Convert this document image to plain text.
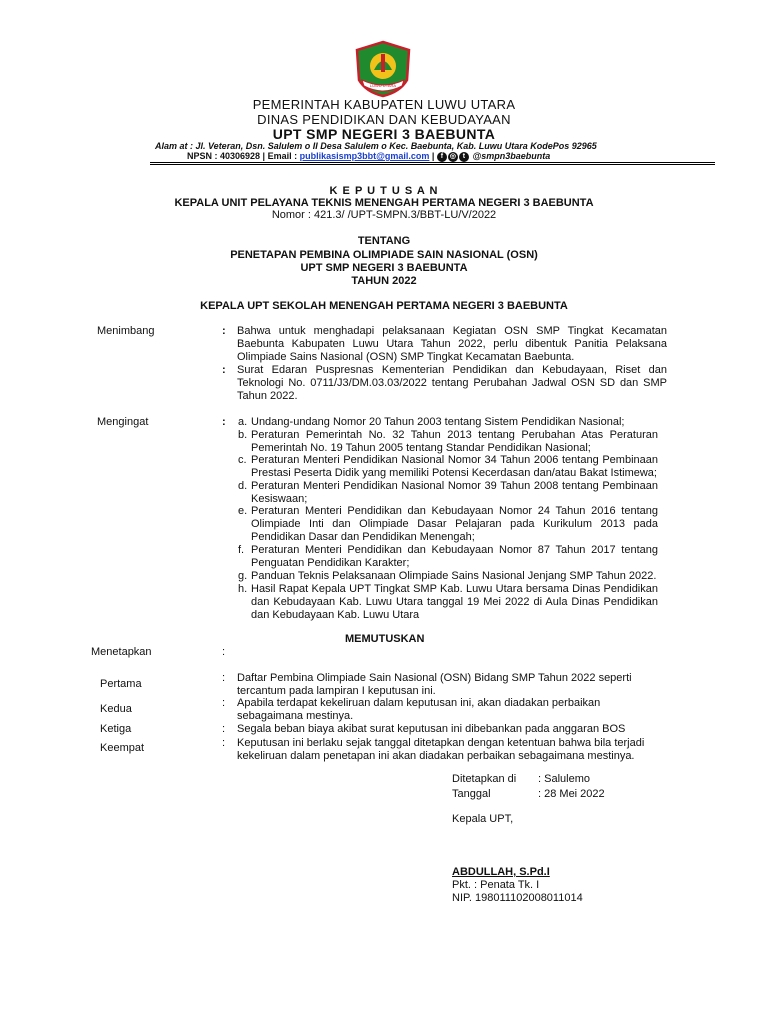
LUWU UTARA
PEMERINTAH KABUPATEN LUWU UTARA
DINAS PENDIDIKAN DAN KEBUDAYAAN
UPT SMP NEGERI 3 BAEBUNTA
Alam at : Jl. Veteran, Dsn. Salulem o II Desa Salulem o Kec. Baebunta, Kab. Luwu Utara KodePos 92965
NPSN : 40306928 | Email : publikasismp3bbt@gmail.com | f ◎ t @smpn3baebunta
K E P U T U S A N
KEPALA UNIT PELAYANA TEKNIS MENENGAH PERTAMA NEGERI 3 BAEBUNTA
Nomor : 421.3/ /UPT-SMPN.3/BBT-LU/V/2022
TENTANG
PENETAPAN PEMBINA OLIMPIADE SAIN NASIONAL (OSN)
UPT SMP NEGERI 3 BAEBUNTA
TAHUN 2022
KEPALA UPT SEKOLAH MENENGAH PERTAMA NEGERI 3 BAEBUNTA
Menimbang	: Bahwa untuk menghadapi pelaksanaan Kegiatan OSN SMP Tingkat Kecamatan Baebunta Kabupaten Luwu Utara Tahun 2022, perlu dibentuk Panitia Pelaksana Olimpiade Sains Nasional (OSN) SMP Tingkat Kecamatan Baebunta.
: Surat Edaran Puspresnas Kementerian Pendidikan dan Kebudayaan, Riset dan Teknologi No. 0711/J3/DM.03.03/2022 tentang Perubahan Jadwal OSN SD dan SMP Tahun 2022.
Mengingat	: a. Undang-undang Nomor 20 Tahun 2003 tentang Sistem Pendidikan Nasional;
b. Peraturan Pemerintah No. 32 Tahun 2013 tentang Perubahan Atas Peraturan Pemerintah No. 19 Tahun 2005 tentang Standar Pendidikan Nasional;
c. Peraturan Menteri Pendidikan Nasional Nomor 34 Tahun 2006 tentang Pembinaan Prestasi Peserta Didik yang memiliki Potensi Kecerdasan dan/atau Bakat Istimewa;
d. Peraturan Menteri Pendidikan Nasional Nomor 39 Tahun 2008 tentang Pembinaan Kesiswaan;
e. Peraturan Menteri Pendidikan dan Kebudayaan Nomor 24 Tahun 2016 tentang Olimpiade Inti dan Olimpiade Dasar Pelajaran pada Kurikulum 2013 pada Pendidikan Dasar dan Pendidikan Menengah;
f. Peraturan Menteri Pendidikan dan Kebudayaan Nomor 87 Tahun 2017 tentang Penguatan Pendidikan Karakter;
g. Panduan Teknis Pelaksanaan Olimpiade Sains Nasional Jenjang SMP Tahun 2022.
h. Hasil Rapat Kepala UPT Tingkat SMP Kab. Luwu Utara bersama Dinas Pendidikan dan Kebudayaan Kab. Luwu Utara tanggal 19 Mei 2022 di Aula Dinas Pendidikan dan Kebudayaan Kab. Luwu Utara
MEMUTUSKAN
Menetapkan	:
Pertama	: Daftar Pembina Olimpiade Sain Nasional (OSN) Bidang SMP Tahun 2022 seperti tercantum pada lampiran I keputusan ini.
Kedua	: Apabila terdapat kekeliruan dalam keputusan ini, akan diadakan perbaikan sebagaimana mestinya.
Ketiga	: Segala beban biaya akibat surat keputusan ini dibebankan pada anggaran BOS
Keempat	: Keputusan ini berlaku sejak tanggal ditetapkan dengan ketentuan bahwa bila terjadi kekeliruan dalam penetapan ini akan diadakan perbaikan sebagaimana mestinya.
Ditetapkan di : Salulemo
Tanggal	: 28 Mei 2022
Kepala UPT,
ABDULLAH, S.Pd.I
Pkt. : Penata Tk. I
NIP. 198011102008011014
